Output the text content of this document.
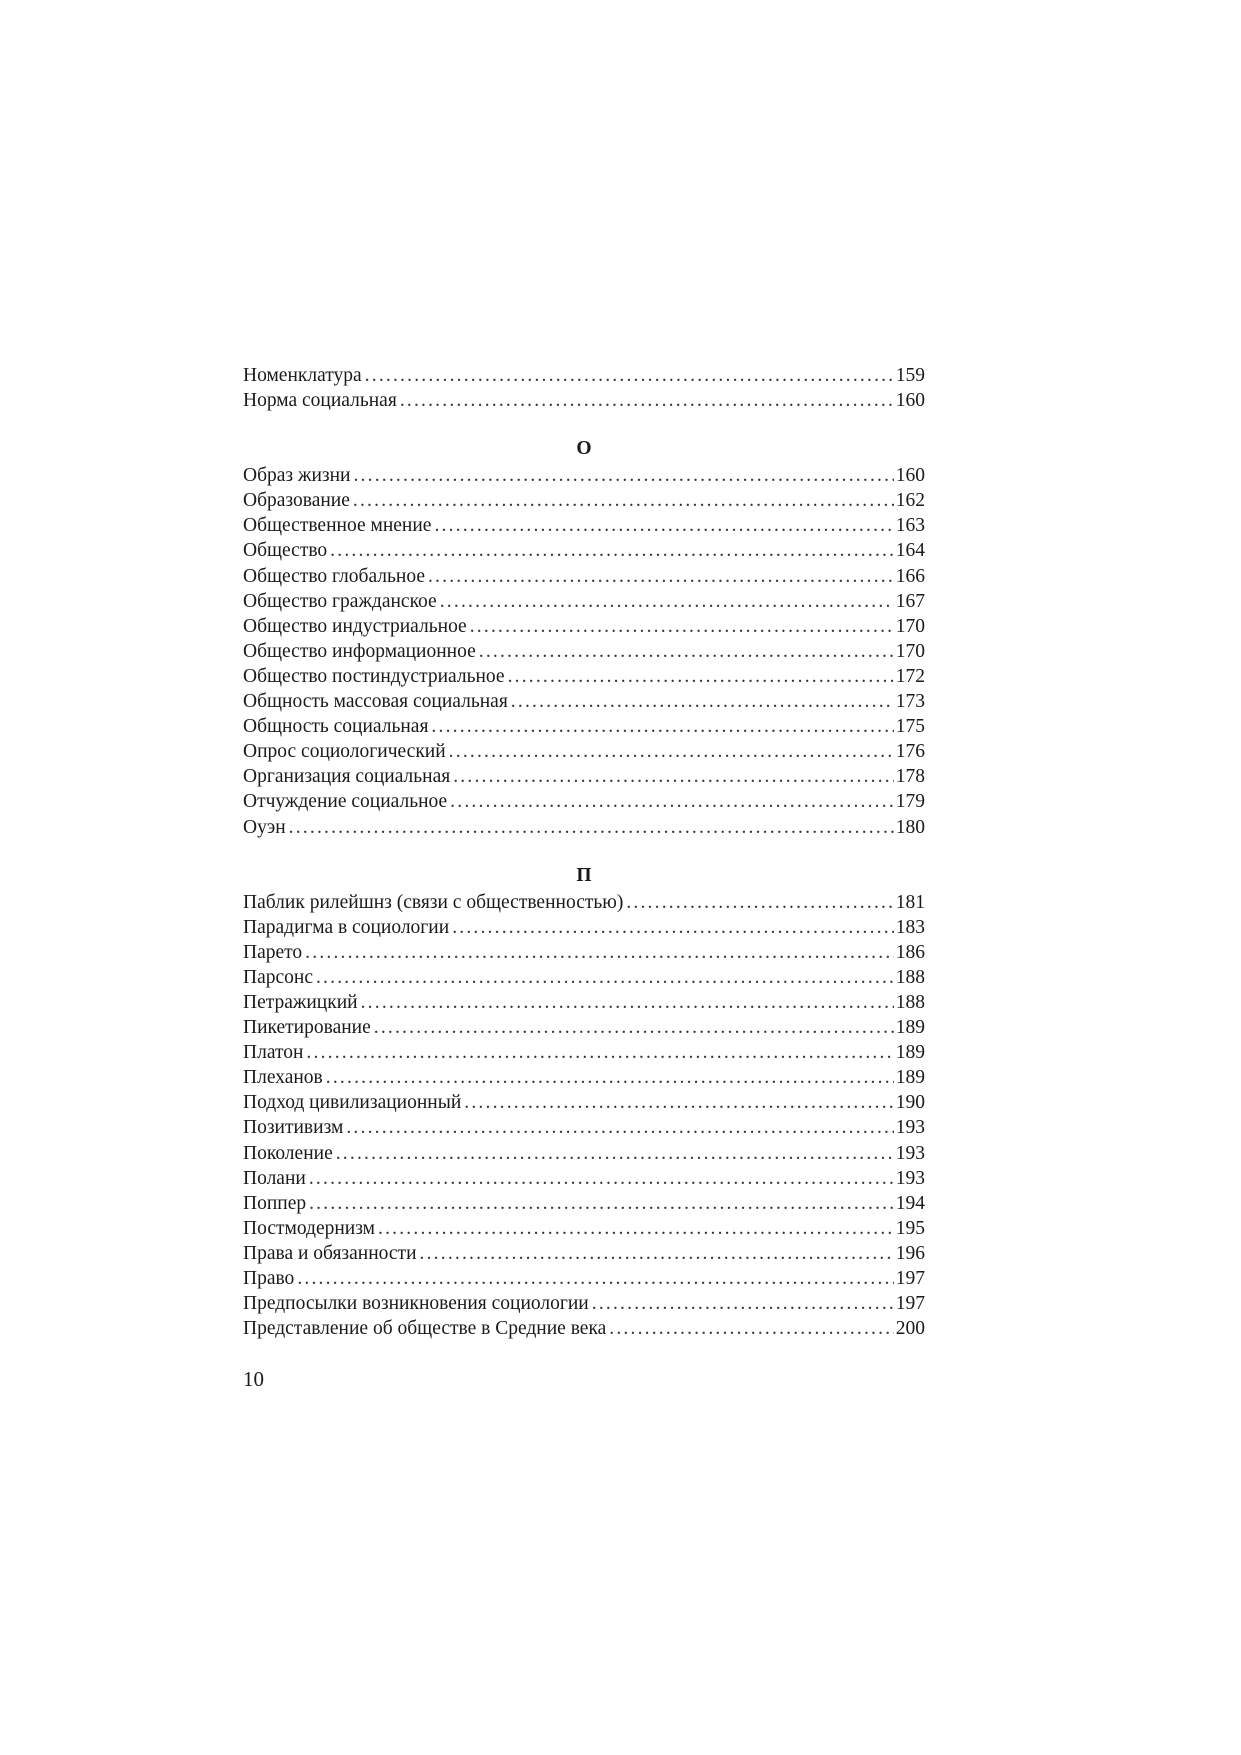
Номенклатура .....	159
Норма социальная .....	160
О
Образ жизни .....	160
Образование .....	162
Общественное мнение .....	163
Общество .....	164
Общество глобальное .....	166
Общество гражданское .....	167
Общество индустриальное .....	170
Общество информационное .....	170
Общество постиндустриальное .....	172
Общность массовая социальная .....	173
Общность социальная .....	175
Опрос социологический .....	176
Организация социальная .....	178
Отчуждение социальное .....	179
Оуэн .....	180
П
Паблик рилейшнз (связи с общественностью) .....	181
Парадигма в социологии .....	183
Парето .....	186
Парсонс .....	188
Петражицкий .....	188
Пикетирование .....	189
Платон .....	189
Плеханов .....	189
Подход цивилизационный .....	190
Позитивизм .....	193
Поколение .....	193
Полани .....	193
Поппер .....	194
Постмодернизм .....	195
Права и обязанности .....	196
Право .....	197
Предпосылки возникновения социологии .....	197
Представление об обществе в Средние века .....	200
10
